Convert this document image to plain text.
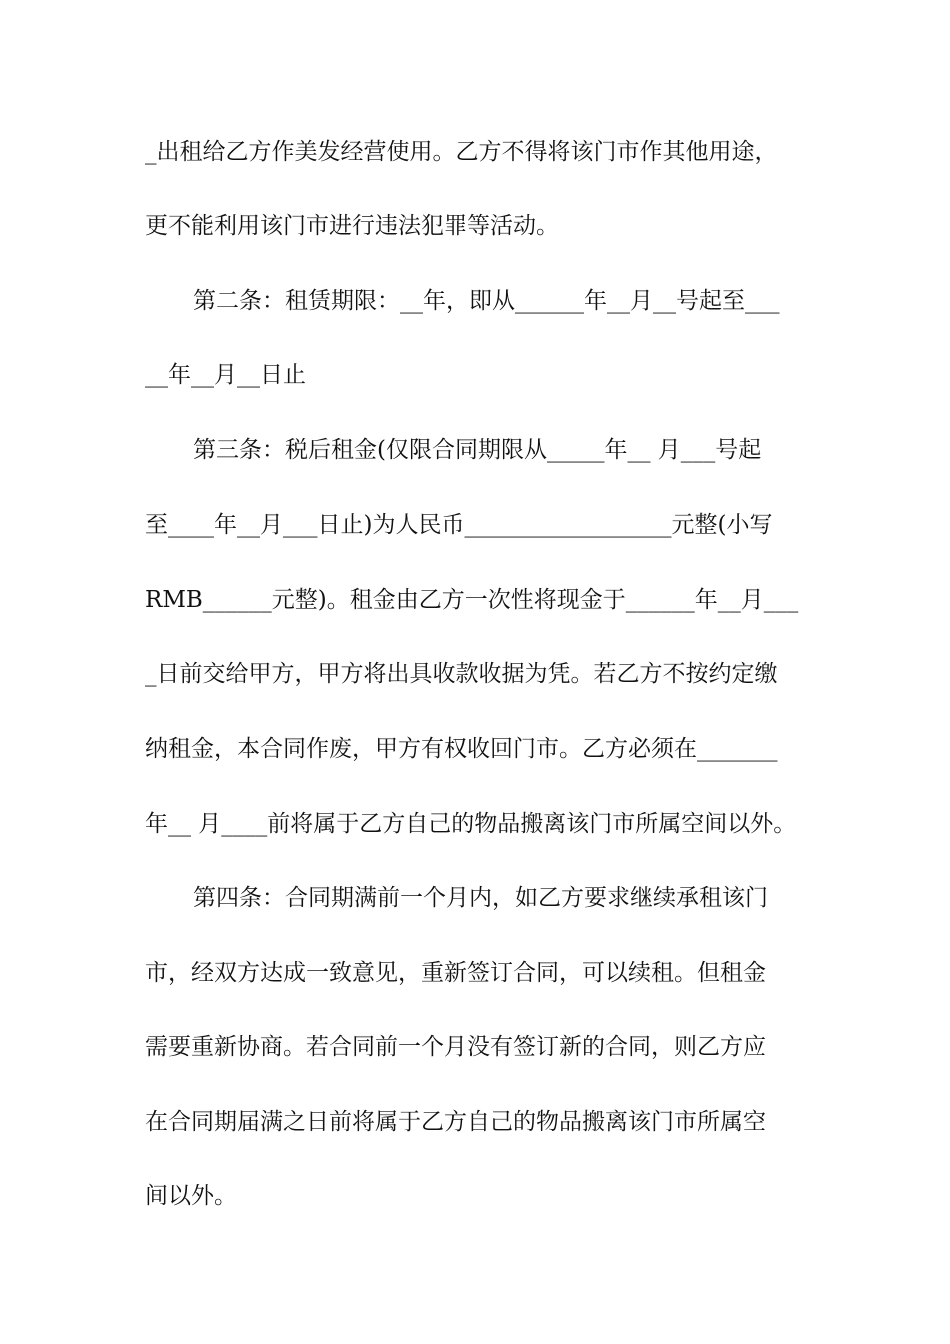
_出租给乙方作美发经营使用。乙方不得将该门市作其他用途，
更不能利用该门市进行违法犯罪等活动。
第二条：租赁期限：__年，即从______年__月__号起至___
__年__月__日止
第三条：税后租金(仅限合同期限从_____年__ 月___号起
至____年__月___日止)为人民币__________________元整(小写
RMB______元整)。租金由乙方一次性将现金于______年__月___
_日前交给甲方，甲方将出具收款收据为凭。若乙方不按约定缴
纳租金，本合同作废，甲方有权收回门市。乙方必须在_______
年__ 月____前将属于乙方自己的物品搬离该门市所属空间以外。
第四条：合同期满前一个月内，如乙方要求继续承租该门
市，经双方达成一致意见，重新签订合同，可以续租。但租金
需要重新协商。若合同前一个月没有签订新的合同，则乙方应
在合同期届满之日前将属于乙方自己的物品搬离该门市所属空
间以外。
